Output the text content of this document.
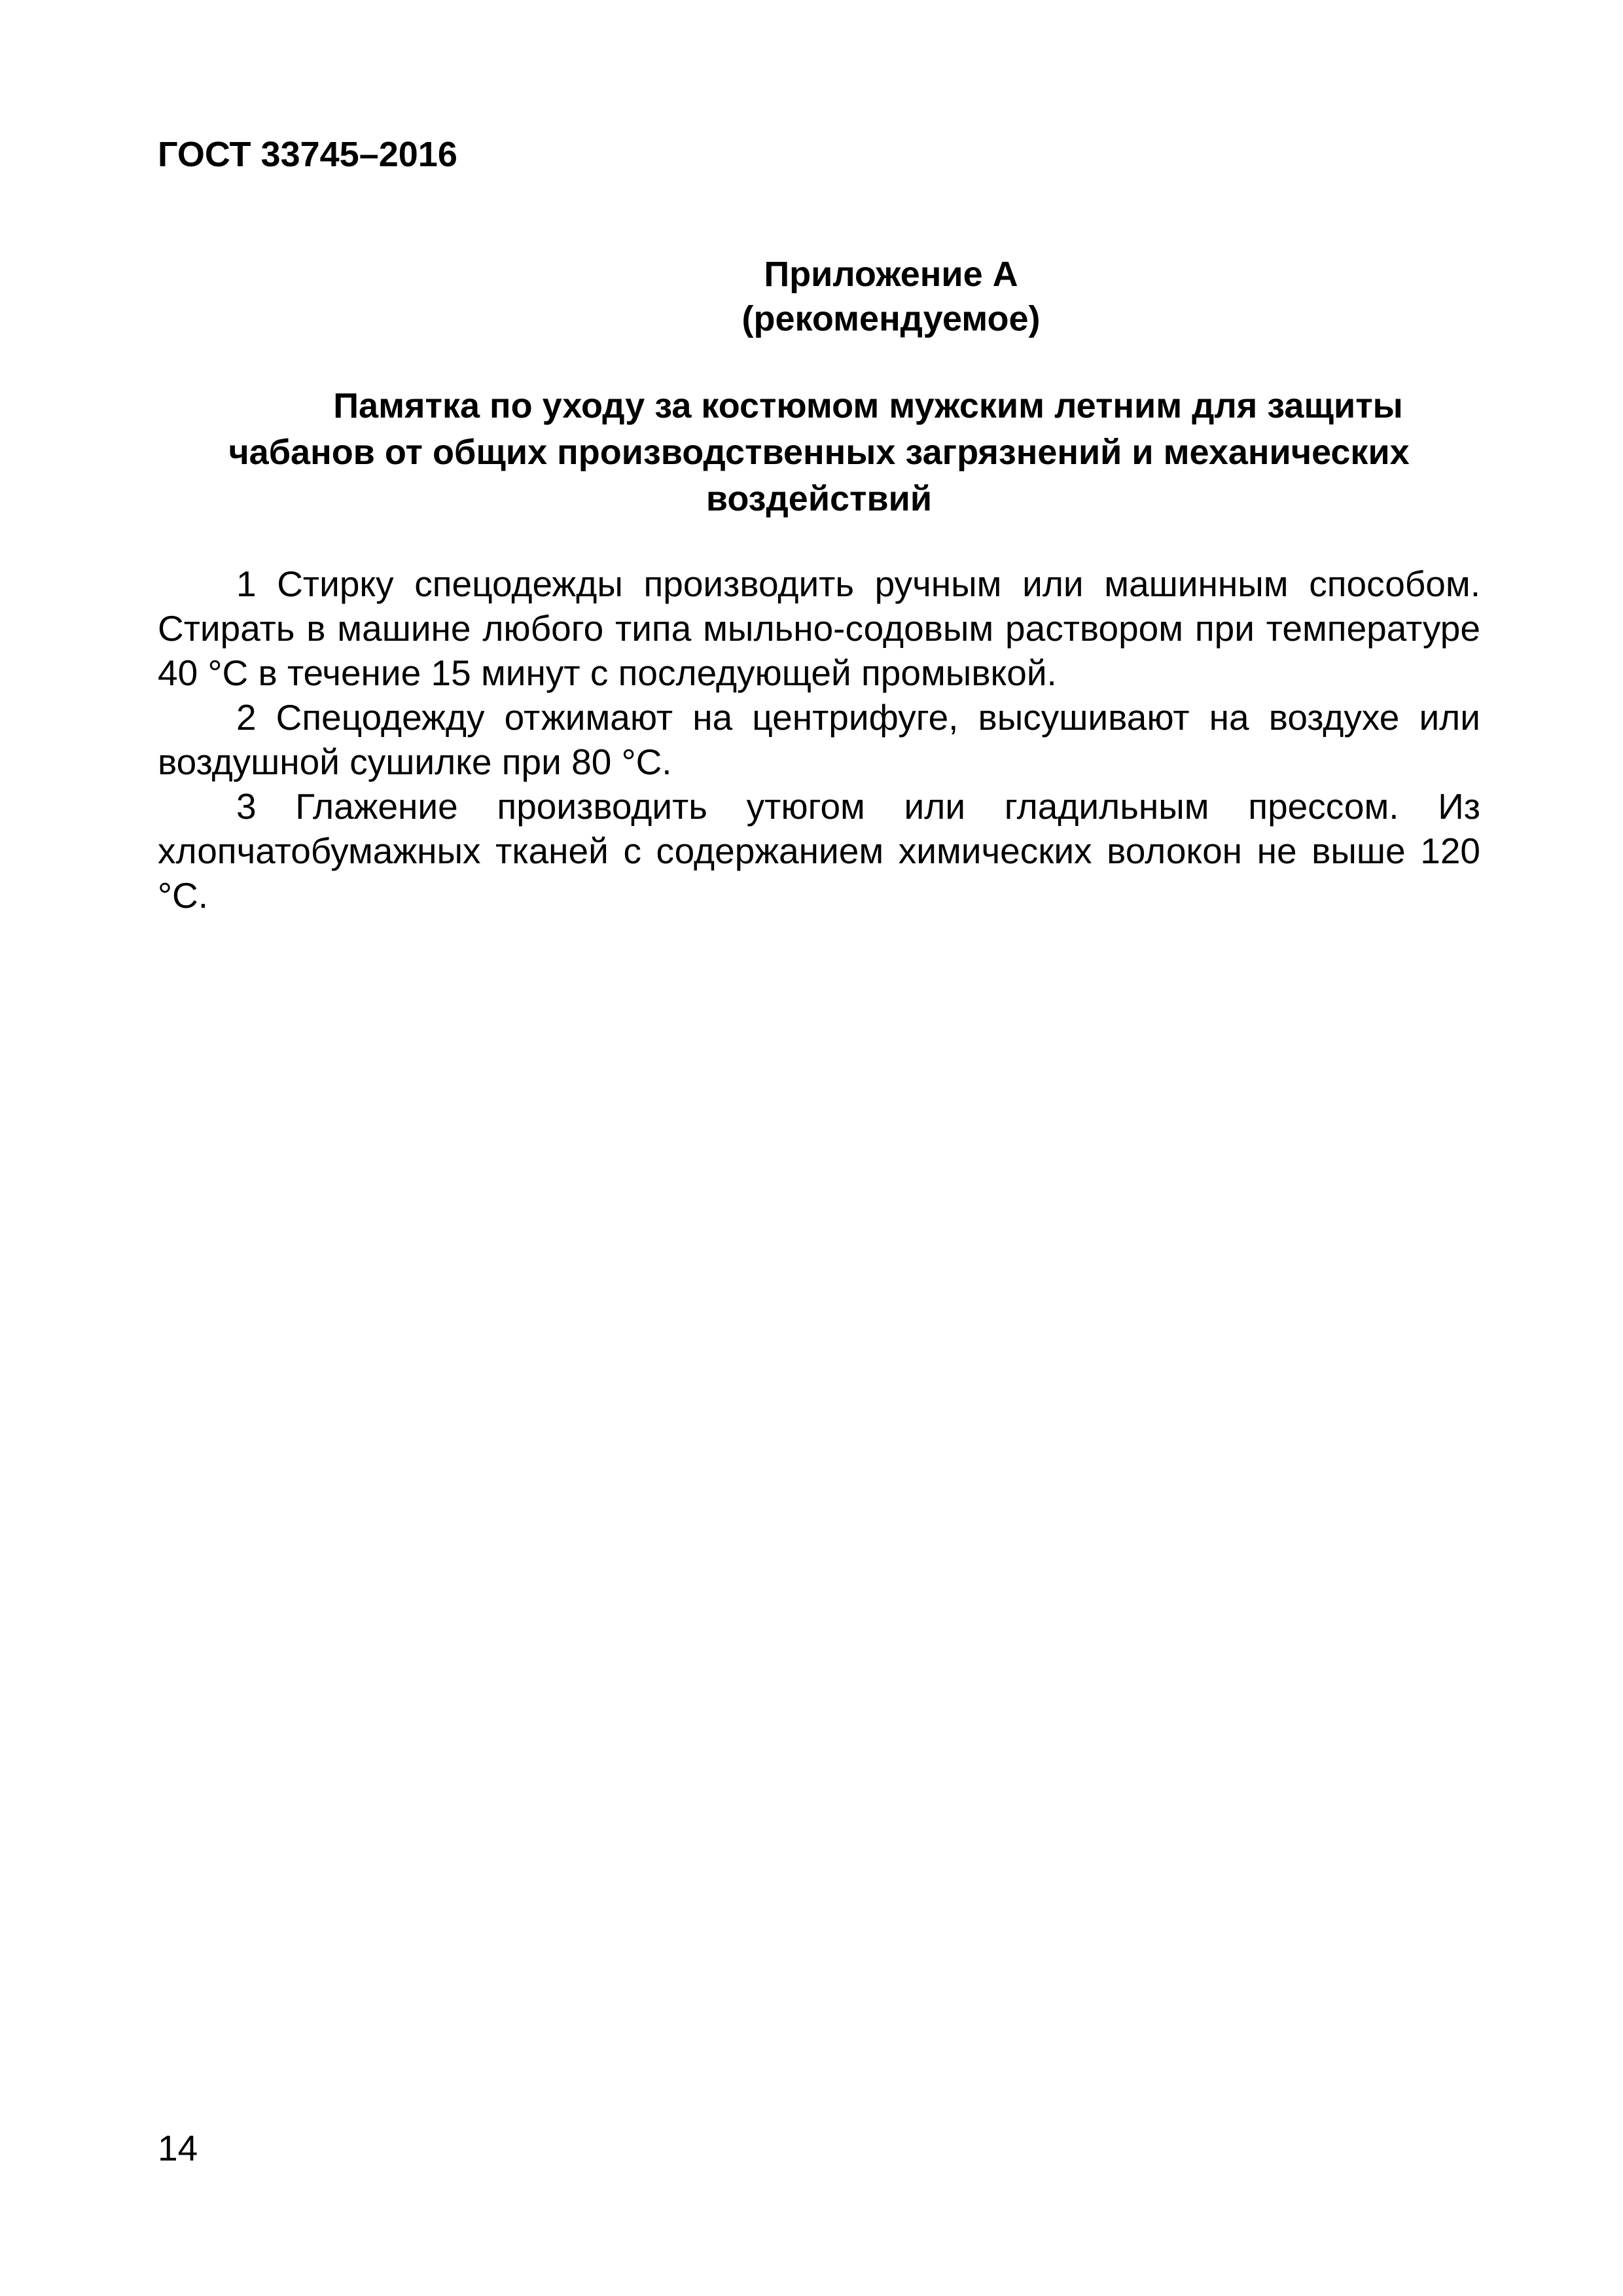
ГОСТ 33745–2016
Приложение А
(рекомендуемое)
Памятка по уходу за костюмом мужским летним для защиты чабанов от общих производственных загрязнений и механических воздействий

1 Стирку спецодежды производить ручным или машинным способом. Стирать в машине любого типа мыльно-содовым раствором при температуре 40 °С в течение 15 минут с последующей промывкой.

2 Спецодежду отжимают на центрифуге, высушивают на воздухе или воздушной сушилке при 80 °С.

3 Глажение производить утюгом или гладильным прессом. Из хлопчатобумажных тканей с содержанием химических волокон не выше 120 °С.

14
